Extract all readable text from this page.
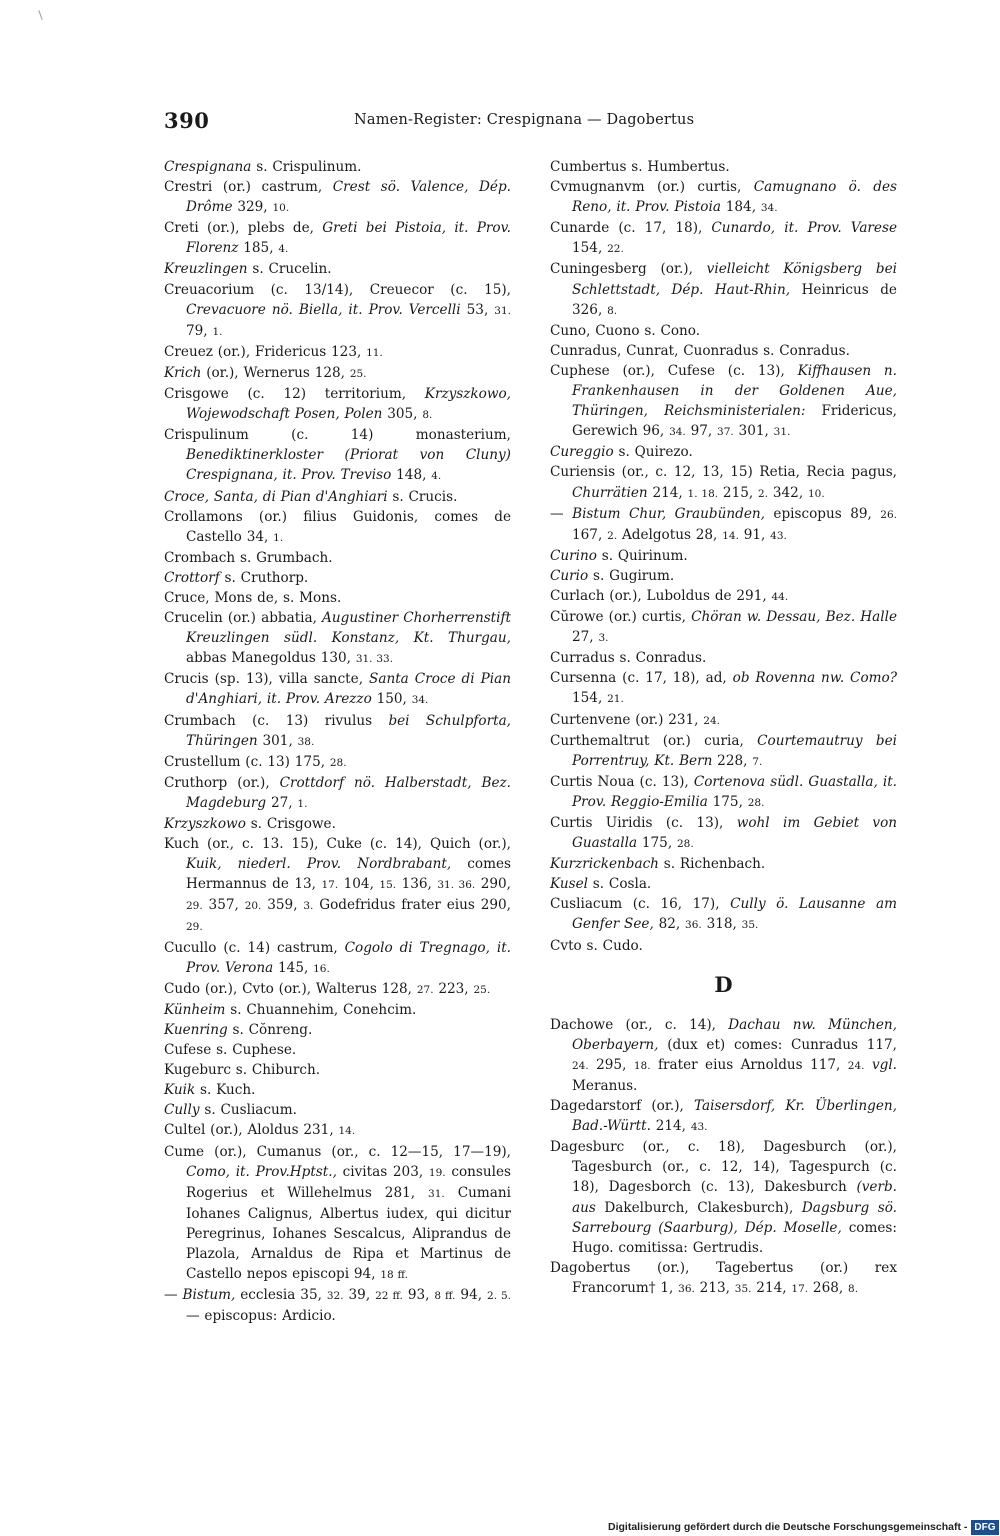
390	Namen-Register: Crespignana — Dagobertus

Crespignana s. Crispulinum.

Crestri (or.) castrum, Crest sö. Valence, Dép. Drôme 329, 10.

Creti (or.), plebs de, Greti bei Pistoia, it. Prov. Florenz 185, 4.

Kreuzlingen s. Crucelin.

Creuacorium (c. 13/14), Creuecor (c. 15), Crevacuore nö. Biella, it. Prov. Vercelli 53, 31. 79, 1.

Creuez (or.), Fridericus 123, 11.

Krich (or.), Wernerus 128, 25.

Crisgowe (c. 12) territorium, Krzyszkowo, Wojewodschaft Posen, Polen 305, 8.

Crispulinum (c. 14) monasterium, Benediktinerkloster (Priorat von Cluny) Crespignana, it. Prov. Treviso 148, 4.

Croce, Santa, di Pian d'Anghiari s. Crucis.

Crollamons (or.) filius Guidonis, comes de Castello 34, 1.

Crombach s. Grumbach.

Crottorf s. Cruthorp.

Cruce, Mons de, s. Mons.

Crucelin (or.) abbatia, Augustiner Chorherrenstift Kreuzlingen südl. Konstanz, Kt. Thurgau, abbas Manegoldus 130, 31. 33.

Crucis (sp. 13), villa sancte, Santa Croce di Pian d'Anghiari, it. Prov. Arezzo 150, 34.

Crumbach (c. 13) rivulus bei Schulpforta, Thüringen 301, 38.

Crustellum (c. 13) 175, 28.

Cruthorp (or.), Crottdorf nö. Halberstadt, Bez. Magdeburg 27, 1.

Krzyszkowo s. Crisgowe.

Kuch (or., c. 13. 15), Cuke (c. 14), Quich (or.), Kuik, niederl. Prov. Nordbrabant, comes Hermannus de 13, 17. 104, 15. 136, 31. 36. 290, 29. 357, 20. 359, 3. Godefridus frater eius 290, 29.

Cucullo (c. 14) castrum, Cogolo di Tregnago, it. Prov. Verona 145, 16.

Cudo (or.), Cvto (or.), Walterus 128, 27. 223, 25.

Künheim s. Chuannehim, Conehcim.

Kuenring s. Cŏnreng.

Cufese s. Cuphese.

Kugeburc s. Chiburch.

Kuik s. Kuch.

Cully s. Cusliacum.

Cultel (or.), Aloldus 231, 14.

Cume (or.), Cumanus (or., c. 12—15, 17—19), Como, it. Prov.Hptst., civitas 203, 19. consules Rogerius et Willehelmus 281, 31. Cumani Iohanes Calignus, Albertus iudex, qui dicitur Peregrinus, Iohanes Sescalcus, Aliprandus de Plazola, Arnaldus de Ripa et Martinus de Castello nepos episcopi 94, 18 ff.

— Bistum, ecclesia 35, 32. 39, 22 ff. 93, 8 ff. 94, 2. 5. — episcopus: Ardicio.

Cumbertus s. Humbertus.

Cvmugnanvm (or.) curtis, Camugnano ö. des Reno, it. Prov. Pistoia 184, 34.

Cunarde (c. 17, 18), Cunardo, it. Prov. Varese 154, 22.

Cuningesberg (or.), vielleicht Königsberg bei Schlettstadt, Dép. Haut-Rhin, Heinricus de 326, 8.

Cuno, Cuono s. Cono.

Cunradus, Cunrat, Cuonradus s. Conradus.

Cuphese (or.), Cufese (c. 13), Kiffhausen n. Frankenhausen in der Goldenen Aue, Thüringen, Reichsministerialen: Fridericus, Gerewich 96, 34. 97, 37. 301, 31.

Cureggio s. Quirezo.

Curiensis (or., c. 12, 13, 15) Retia, Recia pagus, Churrätien 214, 1. 18. 215, 2. 342, 10.

— Bistum Chur, Graubünden, episcopus 89, 26. 167, 2. Adelgotus 28, 14. 91, 43.

Curino s. Quirinum.

Curio s. Gugirum.

Curlach (or.), Luboldus de 291, 44.

Cŭrowe (or.) curtis, Chöran w. Dessau, Bez. Halle 27, 3.

Curradus s. Conradus.

Cursenna (c. 17, 18), ad, ob Rovenna nw. Como? 154, 21.

Curtenvene (or.) 231, 24.

Curthemaltrut (or.) curia, Courtemautruy bei Porrentruy, Kt. Bern 228, 7.

Curtis Noua (c. 13), Cortenova südl. Guastalla, it. Prov. Reggio-Emilia 175, 28.

Curtis Uiridis (c. 13), wohl im Gebiet von Guastalla 175, 28.

Kurzrickenbach s. Richenbach.

Kusel s. Cosla.

Cusliacum (c. 16, 17), Cully ö. Lausanne am Genfer See, 82, 36. 318, 35.

Cvto s. Cudo.

D

Dachowe (or., c. 14), Dachau nw. München, Oberbayern, (dux et) comes: Cunradus 117, 24. 295, 18. frater eius Arnoldus 117, 24. vgl. Meranus.

Dagedarstorf (or.), Taisersdorf, Kr. Überlingen, Bad.-Württ. 214, 43.

Dagesburc (or., c. 18), Dagesburch (or.), Tagesburch (or., c. 12, 14), Tagespurch (c. 18), Dagesborch (c. 13), Dakesburch (verb. aus Dakelburch, Clakesburch), Dagsburg sö. Sarrebourg (Saarburg), Dép. Moselle, comes: Hugo. comitissa: Gertrudis.

Dagobertus (or.), Tagebertus (or.) rex Francorum† 1, 36. 213, 35. 214, 17. 268, 8.

Digitalisierung gefördert durch die Deutsche Forschungsgemeinschaft - DFG
